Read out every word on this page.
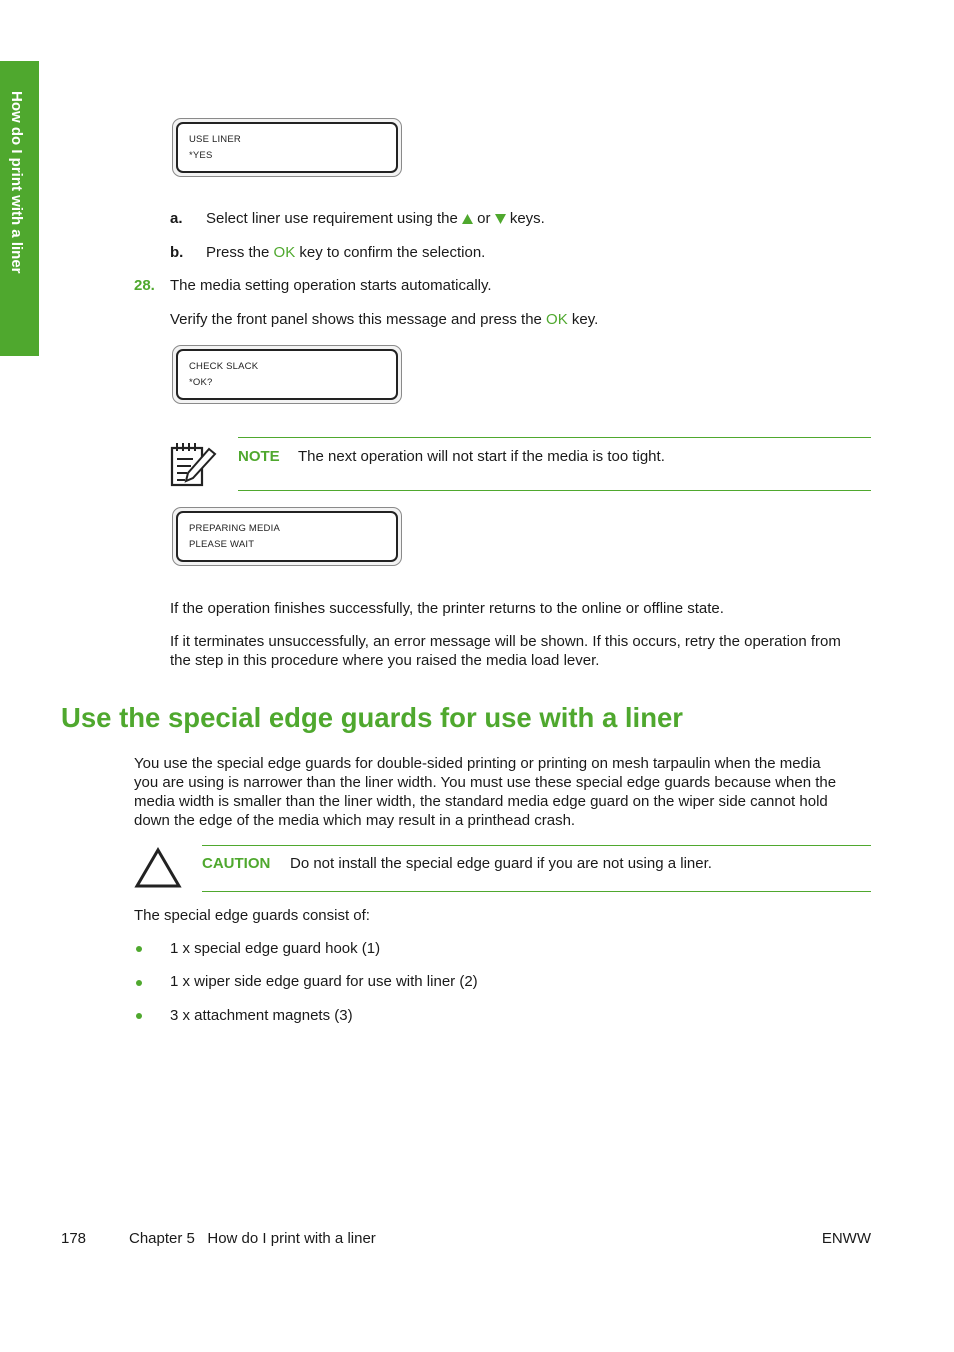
How do I print with a liner	USE LINER
*YES
a. Select liner use requirement using the or keys.
b. Press the OK key to confirm the selection.
28. The media setting operation starts automatically.
Verify the front panel shows this message and press the OK key.
CHECK SLACK
*OK?
NOTE The next operation will not start if the media is too tight.
PREPARING MEDIA
PLEASE WAIT
If the operation finishes successfully, the printer returns to the online or offline state.
If it terminates unsuccessfully, an error message will be shown. If this occurs, retry the operation from
the step in this procedure where you raised the media load lever.
Use the special edge guards for use with a liner
You use the special edge guards for double-sided printing or printing on mesh tarpaulin when the media
you are using is narrower than the liner width. You must use these special edge guards because when the
media width is smaller than the liner width, the standard media edge guard on the wiper side cannot hold
down the edge of the media which may result in a printhead crash.
CAUTION Do not install the special edge guard if you are not using a liner.
The special edge guards consist of:
1 x special edge guard hook (1)
1 x wiper side edge guard for use with liner (2)
3 x attachment magnets (3)
178	Chapter 5   How do I print with a liner	ENWW
